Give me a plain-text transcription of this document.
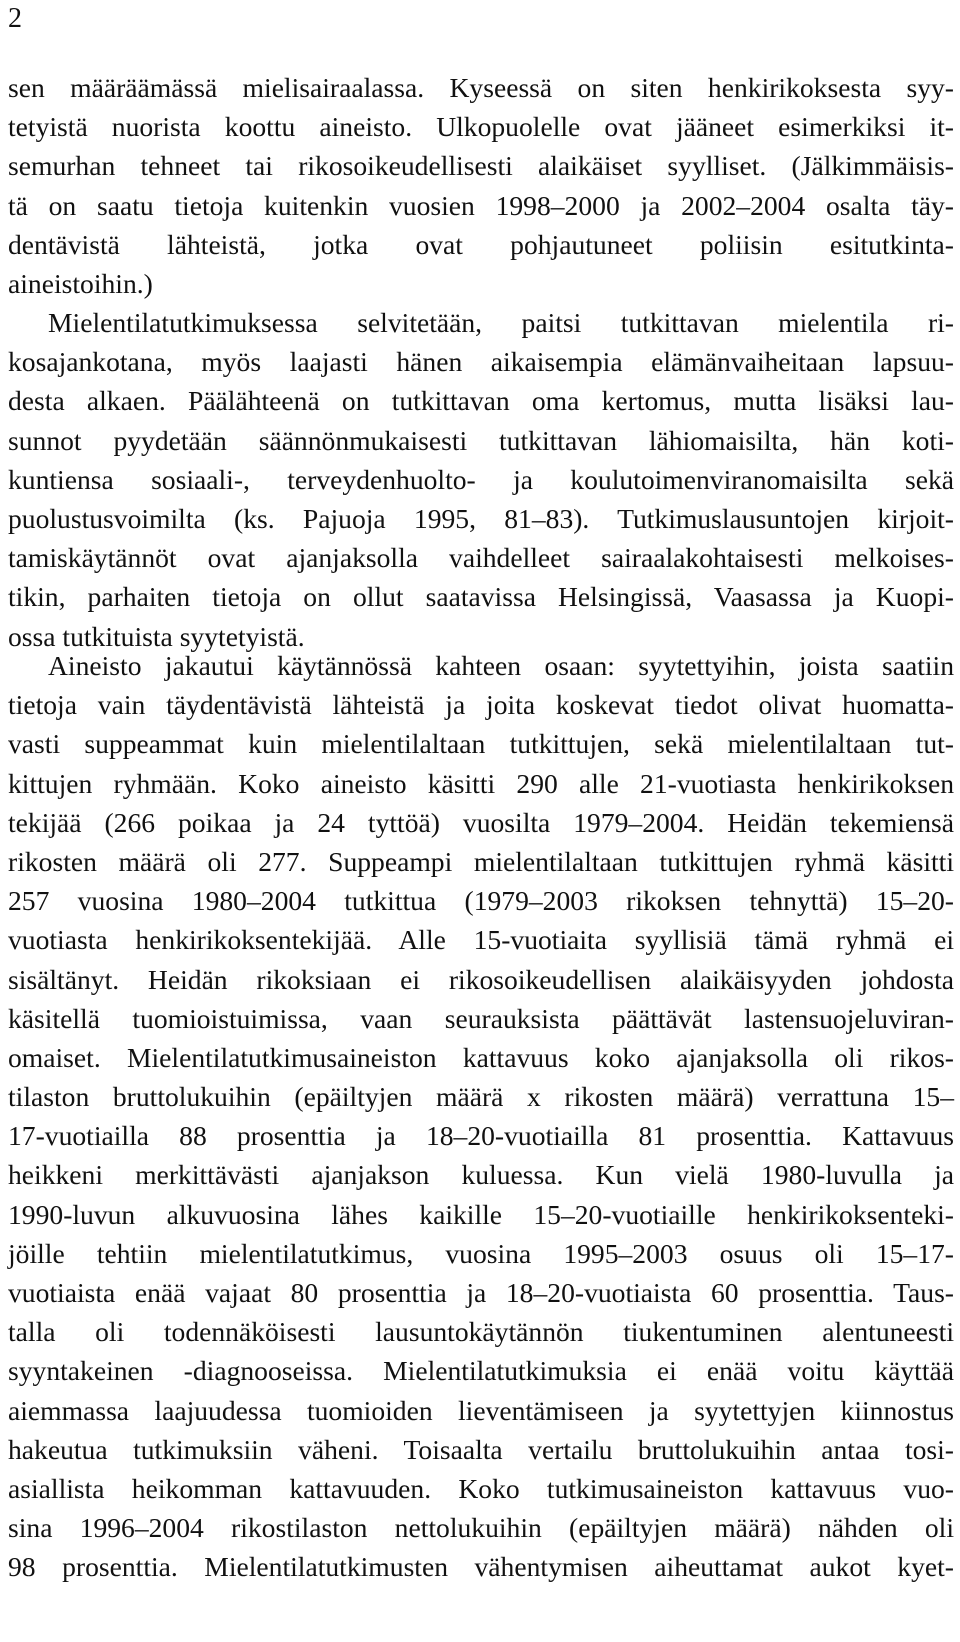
2
sen määräämässä mielisairaalassa. Kyseessä on siten henkirikoksesta syy-
tetyistä nuorista koottu aineisto. Ulkopuolelle ovat jääneet esimerkiksi it-
semurhan tehneet tai rikosoikeudellisesti alaikäiset syylliset. (Jälkimmäisis-
tä on saatu tietoja kuitenkin vuosien 1998–2000 ja 2002–2004 osalta täy-
dentävistä lähteistä, jotka ovat pohjautuneet poliisin esitutkinta-
aineistoihin.)
Mielentilatutkimuksessa selvitetään, paitsi tutkittavan mielentila ri-
kosajankotana, myös laajasti hänen aikaisempia elämänvaiheitaan lapsuu-
desta alkaen. Päälähteenä on tutkittavan oma kertomus, mutta lisäksi lau-
sunnot pyydetään säännönmukaisesti tutkittavan lähiomaisilta, hän koti-
kuntiensa sosiaali-, terveydenhuolto- ja koulutoimenviranomaisilta sekä
puolustusvoimilta (ks. Pajuoja 1995, 81–83). Tutkimuslausuntojen kirjoit-
tamiskäytännöt ovat ajanjaksolla vaihdelleet sairaalakohtaisesti melkoises-
tikin, parhaiten tietoja on ollut saatavissa Helsingissä, Vaasassa ja Kuopi-
ossa tutkituista syytetyistä.
Aineisto jakautui käytännössä kahteen osaan: syytettyihin, joista saatiin
tietoja vain täydentävistä lähteistä ja joita koskevat tiedot olivat huomatta-
vasti suppeammat kuin mielentilaltaan tutkittujen, sekä mielentilaltaan tut-
kittujen ryhmään. Koko aineisto käsitti 290 alle 21-vuotiasta henkirikoksen
tekijää (266 poikaa ja 24 tyttöä) vuosilta 1979–2004. Heidän tekemiensä
rikosten määrä oli 277. Suppeampi mielentilaltaan tutkittujen ryhmä käsitti
257 vuosina 1980–2004 tutkittua (1979–2003 rikoksen tehnyttä) 15–20-
vuotiasta henkirikoksentekijää. Alle 15-vuotiaita syyllisiä tämä ryhmä ei
sisältänyt. Heidän rikoksiaan ei rikosoikeudellisen alaikäisyyden johdosta
käsitellä tuomioistuimissa, vaan seurauksista päättävät lastensuojeluviran-
omaiset. Mielentilatutkimusaineiston kattavuus koko ajanjaksolla oli rikos-
tilaston bruttolukuihin (epäiltyjen määrä x rikosten määrä) verrattuna 15–
17-vuotiailla 88 prosenttia ja 18–20-vuotiailla 81 prosenttia. Kattavuus
heikkeni merkittävästi ajanjakson kuluessa. Kun vielä 1980-luvulla ja
1990-luvun alkuvuosina lähes kaikille 15–20-vuotiaille henkirikoksenteki-
jöille tehtiin mielentilatutkimus, vuosina 1995–2003 osuus oli 15–17-
vuotiaista enää vajaat 80 prosenttia ja 18–20-vuotiaista 60 prosenttia. Taus-
talla oli todennäköisesti lausuntokäytännön tiukentuminen alentuneesti
syyntakeinen -diagnooseissa. Mielentilatutkimuksia ei enää voitu käyttää
aiemmassa laajuudessa tuomioiden lieventämiseen ja syytettyjen kiinnostus
hakeutua tutkimuksiin väheni. Toisaalta vertailu bruttolukuihin antaa tosi-
asiallista heikomman kattavuuden. Koko tutkimusaineiston kattavuus vuo-
sina 1996–2004 rikostilaston nettolukuihin (epäiltyjen määrä) nähden oli
98 prosenttia. Mielentilatutkimusten vähentymisen aiheuttamat aukot kyet-
